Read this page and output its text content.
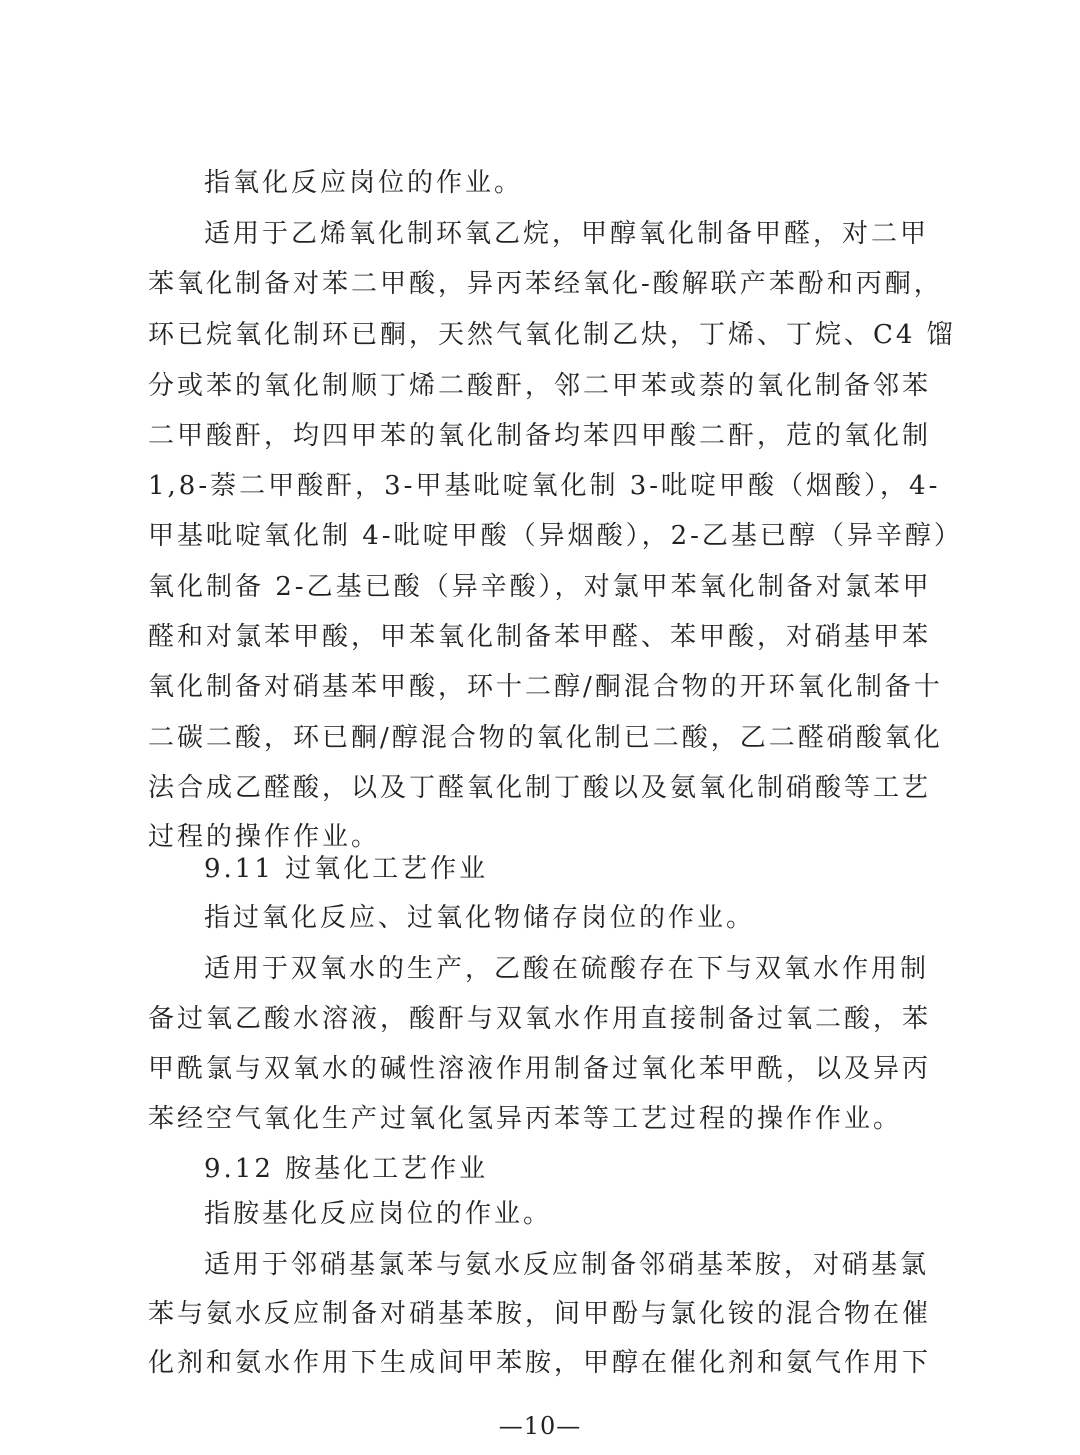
指氧化反应岗位的作业。
适用于乙烯氧化制环氧乙烷，甲醇氧化制备甲醛，对二甲
苯氧化制备对苯二甲酸，异丙苯经氧化-酸解联产苯酚和丙酮，
环已烷氧化制环已酮，天然气氧化制乙炔，丁烯、丁烷、C4 馏
分或苯的氧化制顺丁烯二酸酐，邻二甲苯或萘的氧化制备邻苯
二甲酸酐，均四甲苯的氧化制备均苯四甲酸二酐，苊的氧化制
1,8-萘二甲酸酐，3-甲基吡啶氧化制 3-吡啶甲酸（烟酸），4-
甲基吡啶氧化制 4-吡啶甲酸（异烟酸），2-乙基已醇（异辛醇）
氧化制备 2-乙基已酸（异辛酸），对氯甲苯氧化制备对氯苯甲
醛和对氯苯甲酸，甲苯氧化制备苯甲醛、苯甲酸，对硝基甲苯
氧化制备对硝基苯甲酸，环十二醇/酮混合物的开环氧化制备十
二碳二酸，环已酮/醇混合物的氧化制已二酸，乙二醛硝酸氧化
法合成乙醛酸，以及丁醛氧化制丁酸以及氨氧化制硝酸等工艺
过程的操作作业。
9.11 过氧化工艺作业
指过氧化反应、过氧化物储存岗位的作业。
适用于双氧水的生产，乙酸在硫酸存在下与双氧水作用制
备过氧乙酸水溶液，酸酐与双氧水作用直接制备过氧二酸，苯
甲酰氯与双氧水的碱性溶液作用制备过氧化苯甲酰，以及异丙
苯经空气氧化生产过氧化氢异丙苯等工艺过程的操作作业。
9.12 胺基化工艺作业
指胺基化反应岗位的作业。
适用于邻硝基氯苯与氨水反应制备邻硝基苯胺，对硝基氯
苯与氨水反应制备对硝基苯胺，间甲酚与氯化铵的混合物在催
化剂和氨水作用下生成间甲苯胺，甲醇在催化剂和氨气作用下
—10—
